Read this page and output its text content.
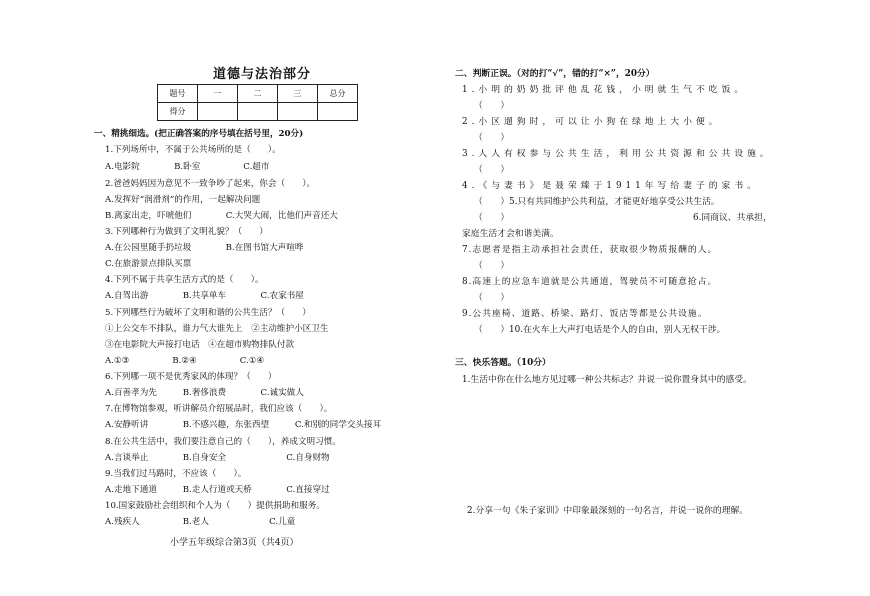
道德与法治部分
题号	一	二	三	总分
得分				
一、精挑细选。(把正确答案的序号填在括号里，20分)
1.下列场所中，不属于公共场所的是（　　）。
A.电影院　　　　B.卧室　　　　　C.超市
2.爸爸妈妈因为意见不一致争吵了起来，你会（　　）。
A.发挥好“润滑剂”的作用，一起解决问题
B.离家出走，吓唬他们　　　　C.大哭大闹，比他们声音还大
3.下列哪种行为做到了文明礼貌？（　　）
A.在公园里随手扔垃圾　　　　B.在图书馆大声喧哗
C.在旅游景点排队买票
4.下列不属于共享生活方式的是（　　）。
A.自驾出游　　　　B.共享单车　　　　C.农家书屋
5.下列哪些行为破坏了文明和谐的公共生活？（　　）
①上公交车不排队，谁力气大谁先上　②主动维护小区卫生
③在电影院大声接打电话　④在超市购物排队付款
A.①③　　　　　B.②④　　　　　C.①④
6.下列哪一项不是优秀家风的体现？（　　）
A.百善孝为先　　　B.奢侈浪费　　　　C.诚实做人
7.在博物馆参观，听讲解员介绍展品时，我们应该（　　）。
A.安静听讲　　　　B.不感兴趣，东张西望　　　C.和别的同学交头接耳
8.在公共生活中，我们要注意自己的（　　），养成文明习惯。
A.言谈举止　　　　B.自身安全　　　　　　　C.自身财物
9.当我们过马路时，不应该（　　）。
A.走地下通道　　　B.走人行道或天桥　　　　C.直接穿过
10.国家鼓励社会组织和个人为（　　）提供捐助和服务。
A.残疾人　　　　　B.老人　　　　　　　C.儿童
小学五年级综合第3页（共4页）
二、判断正误。（对的打“√”，错的打“×”，20分）
1.小明的奶奶批评他乱花钱，小明就生气不吃饭。
（　　）
2.小区遛狗时，可以让小狗在绿地上大小便。
（　　）
3.人人有权参与公共生活，利用公共资源和公共设施。
（　　）
4.《与妻书》是聂荣臻于1911年写给妻子的家书。
（　　） 5.只有共同维护公共利益，才能更好地享受公共生活。
（　　）	6.同商议、共承担，
家庭生活才会和谐美满。
7.志愿者是指主动承担社会责任，获取很少物质报酬的人。
（　　）
8.高速上的应急车道就是公共通道，驾驶员不可随意抢占。
（　　）
9.公共座椅、道路、桥梁、路灯、饭店等都是公共设施。
（　　） 10.在火车上大声打电话是个人的自由，别人无权干涉。
三、快乐答题。（10分）
1.生活中你在什么地方见过哪一种公共标志？并说一说你置身其中的感受。
2.分享一句《朱子家训》中印象最深刻的一句名言，并说一说你的理解。
